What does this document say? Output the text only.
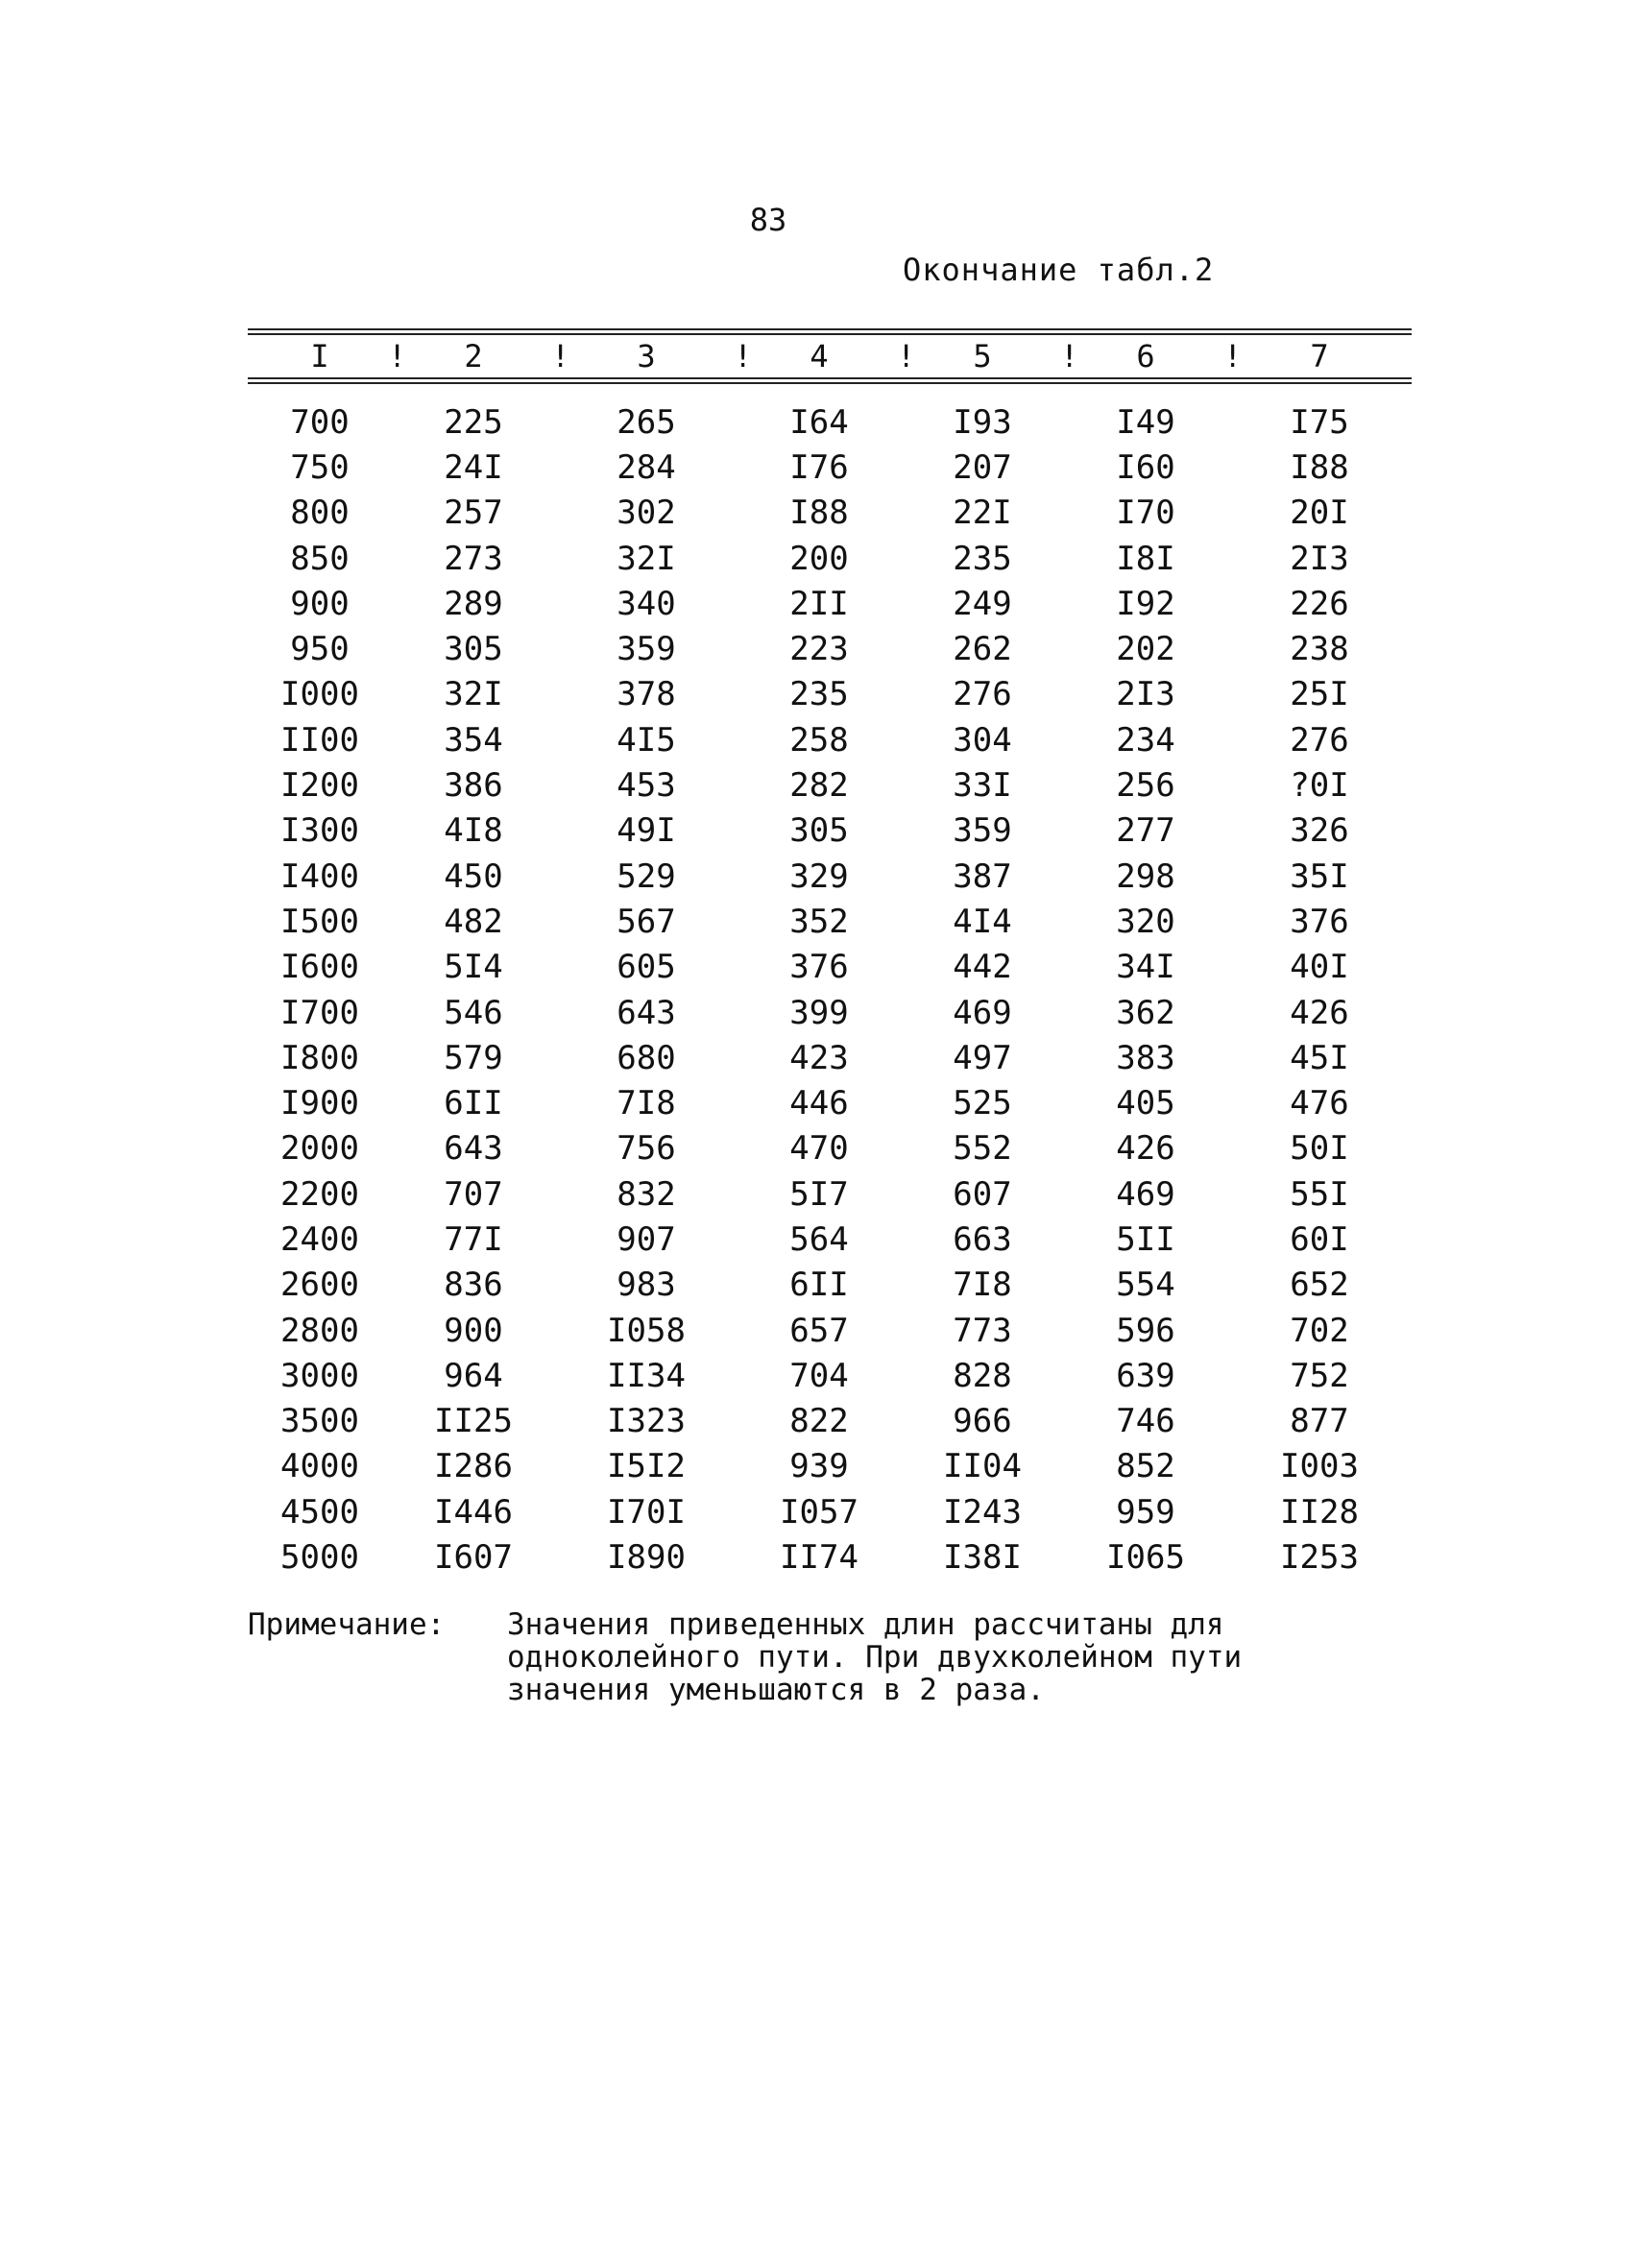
83
Окончание табл.2
I	! 2	! 3	! 4	! 5	! 6	! 7
700	225	265	I64	I93	I49	I75
750	24I	284	I76	207	I60	I88
800	257	302	I88	22I	I70	20I
850	273	32I	200	235	I8I	2I3
900	289	340	2II	249	I92	226
950	305	359	223	262	202	238
I000	32I	378	235	276	2I3	25I
II00	354	4I5	258	304	234	276
I200	386	453	282	33I	256	?0I
I300	4I8	49I	305	359	277	326
I400	450	529	329	387	298	35I
I500	482	567	352	4I4	320	376
I600	5I4	605	376	442	34I	40I
I700	546	643	399	469	362	426
I800	579	680	423	497	383	45I
I900	6II	7I8	446	525	405	476
2000	643	756	470	552	426	50I
2200	707	832	5I7	607	469	55I
2400	77I	907	564	663	5II	60I
2600	836	983	6II	7I8	554	652
2800	900	I058	657	773	596	702
3000	964	II34	704	828	639	752
3500	II25	I323	822	966	746	877
4000	I286	I5I2	939	II04	852	I003
4500	I446	I70I	I057	I243	959	II28
5000	I607	I890	II74	I38I	I065	I253
Примечание:	Значения приведенных длин рассчитаны для
одноколейного пути. При двухколейном пути
значения уменьшаются в 2 раза.
